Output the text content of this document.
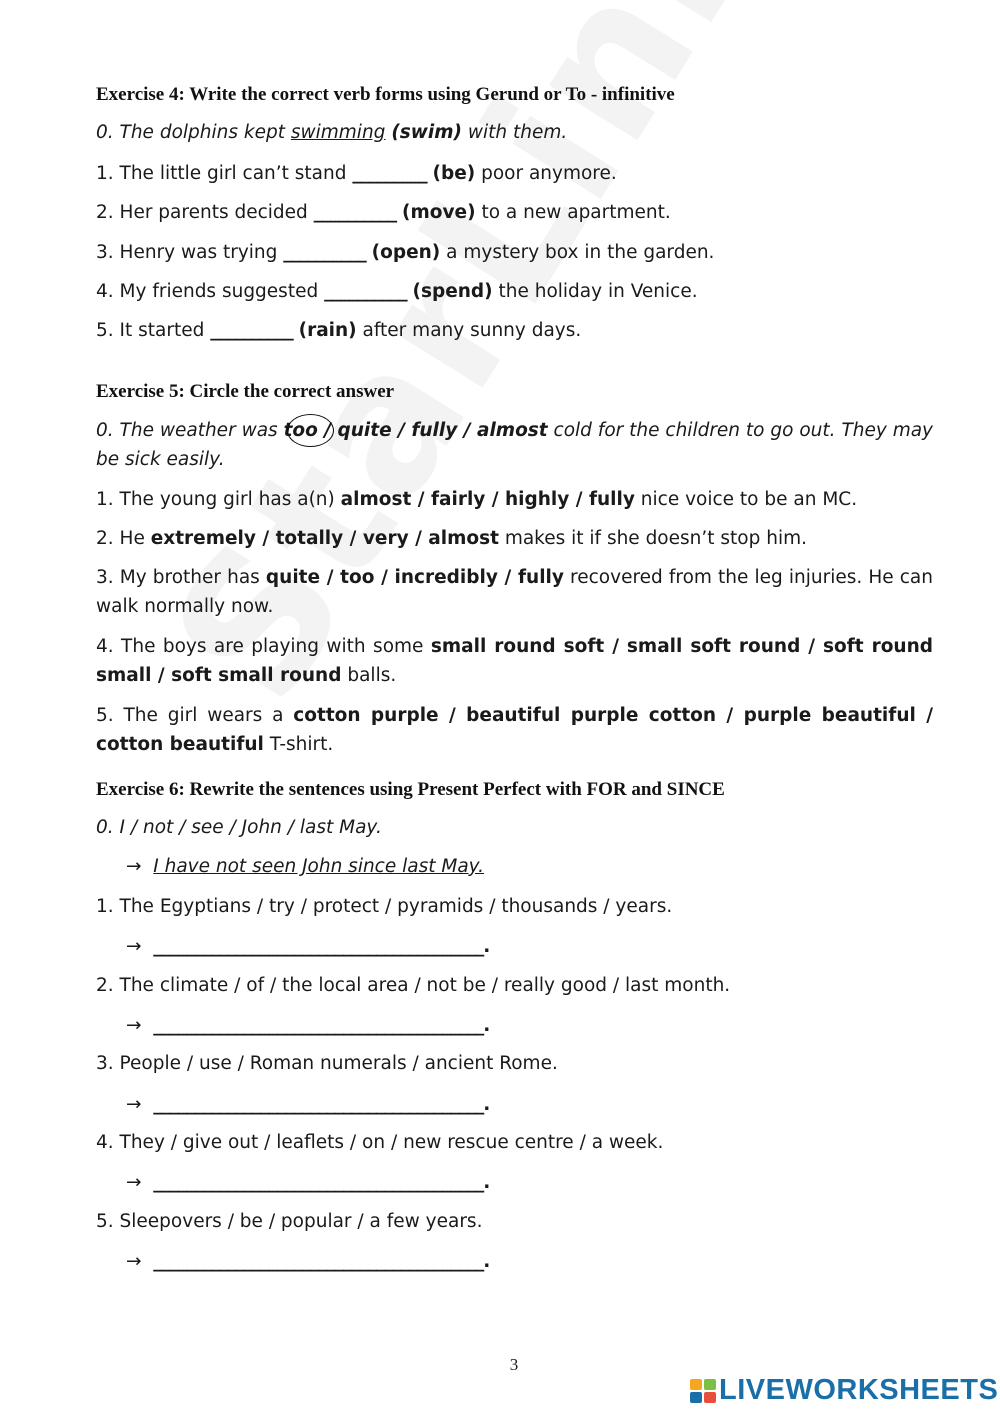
Exercise 4: Write the correct verb forms using Gerund or To - infinitive
0. The dolphins kept swimming (swim) with them.
1. The little girl can’t stand _________ (be) poor anymore.
2. Her parents decided __________ (move) to a new apartment.
3. Henry was trying __________ (open) a mystery box in the garden.
4. My friends suggested __________ (spend) the holiday in Venice.
5. It started __________ (rain) after many sunny days.
Exercise 5: Circle the correct answer
0. The weather was too / quite / fully / almost cold for the children to go out. They may be sick easily.
1. The young girl has a(n) almost / fairly / highly / fully nice voice to be an MC.
2. He extremely / totally / very / almost makes it if she doesn’t stop him.
3. My brother has quite / too / incredibly / fully recovered from the leg injuries. He can walk normally now.
4. The boys are playing with some small round soft / small soft round / soft round small / soft small round balls.
5. The girl wears a cotton purple / beautiful purple cotton / purple beautiful / cotton beautiful T-shirt.
Exercise 6: Rewrite the sentences using Present Perfect with FOR and SINCE
0. I / not / see / John / last May.
→ I have not seen John since last May.
1. The Egyptians / try / protect / pyramids / thousands / years.
→ ________________________________________.
2. The climate / of / the local area / not be / really good / last month.
→ ________________________________________.
3. People / use / Roman numerals / ancient Rome.
→ ________________________________________.
4. They / give out / leaflets / on / new rescue centre / a week.
→ ________________________________________.
5. Sleepovers / be / popular / a few years.
→ ________________________________________.
3
LIVEWORKSHEETS
